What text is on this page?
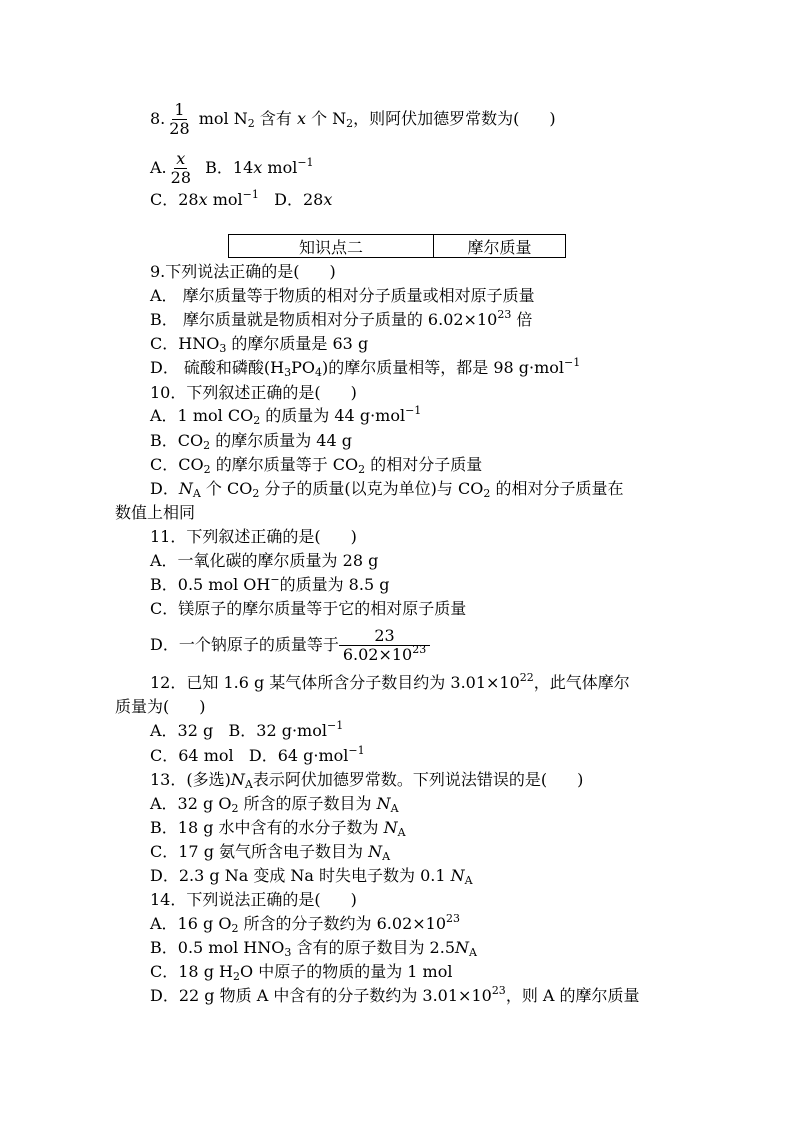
8. $\frac{1}{28}$ mol $N_2$ 含有 x 个 $N_2$，则阿伏加德罗常数为( )
A. $\frac{x}{28}$ B．14x mol$^{-1}$
C．28x mol$^{-1}$ D．28x
知识点二	摩尔质量
9.下列说法正确的是( )
A． 摩尔质量等于物质的相对分子质量或相对原子质量
B． 摩尔质量就是物质相对分子质量的 $6.02\times 10^{23}$ 倍
C．$HNO_3$ 的摩尔质量是 63 g
D． 硫酸和磷酸$(H_3PO_4)$的摩尔质量相等，都是 98 g·mol$^{-1}$
10．下列叙述正确的是( )
A．1 mol $CO_2$ 的质量为 44 g·mol$^{-1}$
B．$CO_2$ 的摩尔质量为 44 g
C．$CO_2$ 的摩尔质量等于 $CO_2$ 的相对分子质量
D．$N_A$ 个 $CO_2$ 分子的质量(以克为单位)与 $CO_2$ 的相对分子质量在
数值上相同
11．下列叙述正确的是( )
A．一氧化碳的摩尔质量为 28 g
B．0.5 mol OH−的质量为 8.5 g
C．镁原子的摩尔质量等于它的相对原子质量
D．一个钠原子的质量等于 $\frac{23}{6.02\times 10^{23}}$
12．已知 1.6 g 某气体所含分子数目约为 $3.01\times 10^{22}$，此气体摩尔
质量为( )
A．32 g B．32 g·mol$^{-1}$
C．64 mol D．64 g·mol$^{-1}$
13．(多选)$N_A$表示阿伏加德罗常数。下列说法错误的是( )
A．32 g $O_2$ 所含的原子数目为 $N_A$
B．18 g 水中含有的水分子数为 $N_A$
C．17 g 氨气所含电子数目为 $N_A$
D．2.3 g Na 变成 Na 时失电子数为 0.1 $N_A$
14．下列说法正确的是( )
A．16 g $O_2$ 所含的分子数约为 $6.02\times 10^{23}$
B．0.5 mol $HNO_3$ 含有的原子数目为 $2.5N_A$
C．18 g $H_2O$ 中原子的物质的量为 1 mol
D．22 g 物质 A 中含有的分子数约为 $3.01\times 10^{23}$，则 A 的摩尔质量
